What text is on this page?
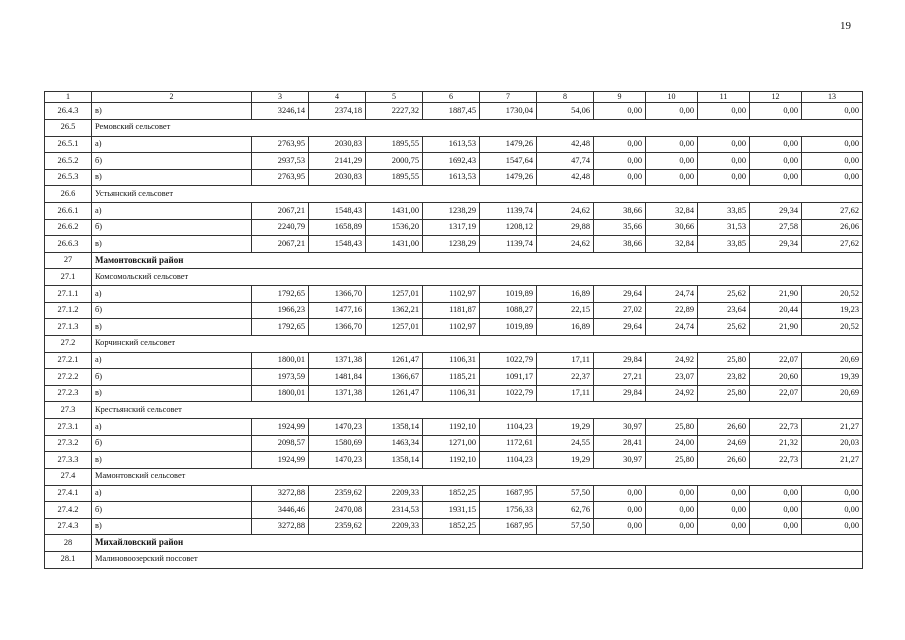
19
1	2	3	4	5	6	7	8	9	10	11	12	13
26.4.3	в)	3246,14	2374,18	2227,32	1887,45	1730,04	54,06	0,00	0,00	0,00	0,00	0,00
26.5	Ремовский сельсовет											
26.5.1	а)	2763,95	2030,83	1895,55	1613,53	1479,26	42,48	0,00	0,00	0,00	0,00	0,00
26.5.2	б)	2937,53	2141,29	2000,75	1692,43	1547,64	47,74	0,00	0,00	0,00	0,00	0,00
26.5.3	в)	2763,95	2030,83	1895,55	1613,53	1479,26	42,48	0,00	0,00	0,00	0,00	0,00
26.6	Устьянский сельсовет											
26.6.1	а)	2067,21	1548,43	1431,00	1238,29	1139,74	24,62	38,66	32,84	33,85	29,34	27,62
26.6.2	б)	2240,79	1658,89	1536,20	1317,19	1208,12	29,88	35,66	30,66	31,53	27,58	26,06
26.6.3	в)	2067,21	1548,43	1431,00	1238,29	1139,74	24,62	38,66	32,84	33,85	29,34	27,62
27	Мамонтовский район											
27.1	Комсомольский сельсовет											
27.1.1	а)	1792,65	1366,70	1257,01	1102,97	1019,89	16,89	29,64	24,74	25,62	21,90	20,52
27.1.2	б)	1966,23	1477,16	1362,21	1181,87	1088,27	22,15	27,02	22,89	23,64	20,44	19,23
27.1.3	в)	1792,65	1366,70	1257,01	1102,97	1019,89	16,89	29,64	24,74	25,62	21,90	20,52
27.2	Корчинский сельсовет											
27.2.1	а)	1800,01	1371,38	1261,47	1106,31	1022,79	17,11	29,84	24,92	25,80	22,07	20,69
27.2.2	б)	1973,59	1481,84	1366,67	1185,21	1091,17	22,37	27,21	23,07	23,82	20,60	19,39
27.2.3	в)	1800,01	1371,38	1261,47	1106,31	1022,79	17,11	29,84	24,92	25,80	22,07	20,69
27.3	Крестьянский сельсовет											
27.3.1	а)	1924,99	1470,23	1358,14	1192,10	1104,23	19,29	30,97	25,80	26,60	22,73	21,27
27.3.2	б)	2098,57	1580,69	1463,34	1271,00	1172,61	24,55	28,41	24,00	24,69	21,32	20,03
27.3.3	в)	1924,99	1470,23	1358,14	1192,10	1104,23	19,29	30,97	25,80	26,60	22,73	21,27
27.4	Мамонтовский сельсовет											
27.4.1	а)	3272,88	2359,62	2209,33	1852,25	1687,95	57,50	0,00	0,00	0,00	0,00	0,00
27.4.2	б)	3446,46	2470,08	2314,53	1931,15	1756,33	62,76	0,00	0,00	0,00	0,00	0,00
27.4.3	в)	3272,88	2359,62	2209,33	1852,25	1687,95	57,50	0,00	0,00	0,00	0,00	0,00
28	Михайловский район											
28.1	Малиновоозерский поссовет											
